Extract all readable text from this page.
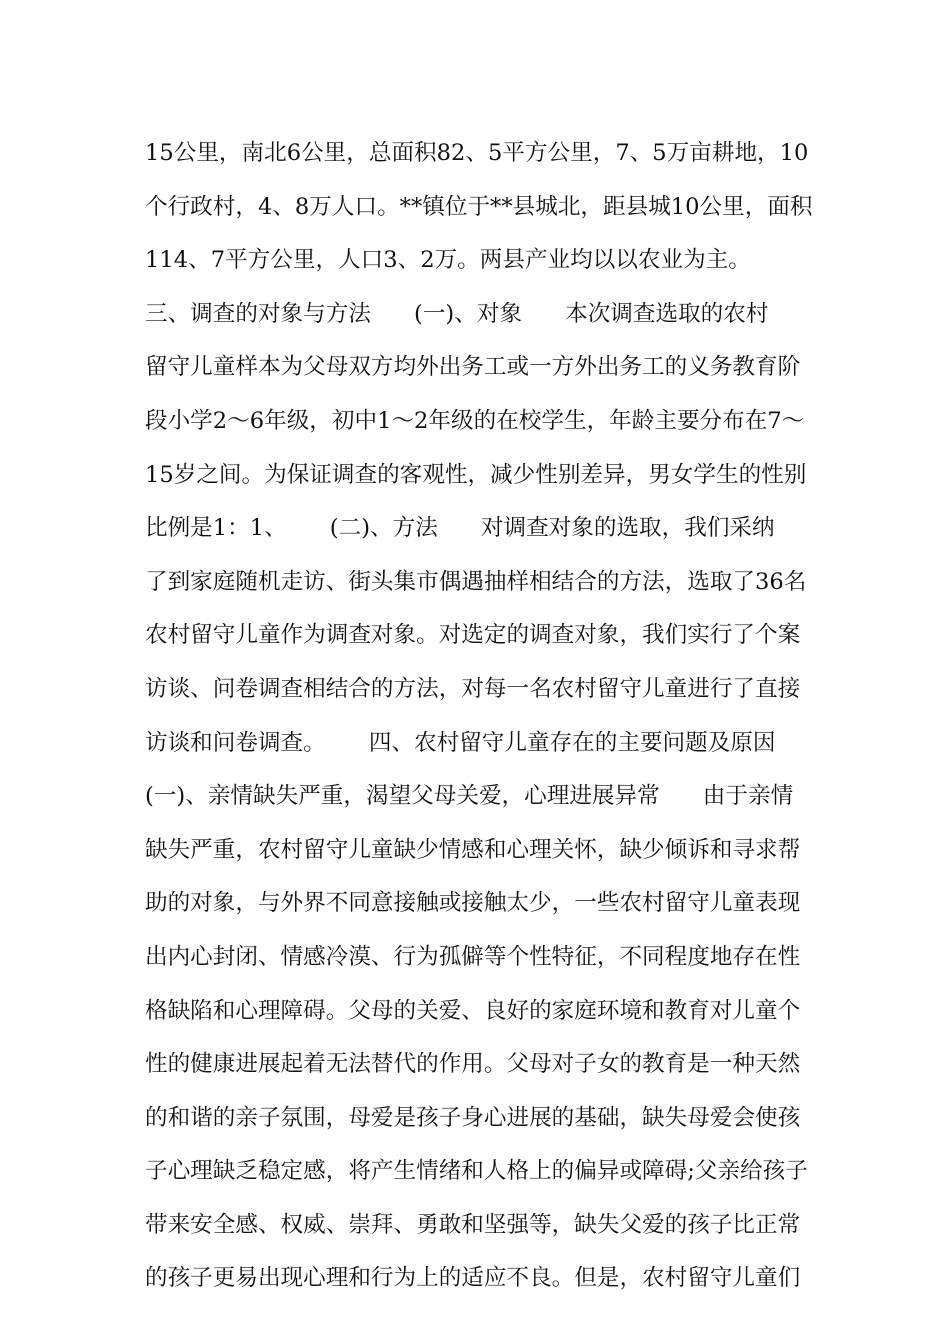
15公里，南北6公里，总面积82、5平方公里，7、5万亩耕地，10
个行政村，4、8万人口。**镇位于**县城北，距县城10公里，面积
114、7平方公里，人口3、2万。两县产业均以以农业为主。
三、调查的对象与方法      (一)、对象      本次调查选取的农村
留守儿童样本为父母双方均外出务工或一方外出务工的义务教育阶
段小学2～6年级，初中1～2年级的在校学生，年龄主要分布在7～
15岁之间。为保证调查的客观性，减少性别差异，男女学生的性别
比例是1：1、      (二)、方法      对调查对象的选取，我们采纳
了到家庭随机走访、街头集市偶遇抽样相结合的方法，选取了36名
农村留守儿童作为调查对象。对选定的调查对象，我们实行了个案
访谈、问卷调查相结合的方法，对每一名农村留守儿童进行了直接
访谈和问卷调查。      四、农村留守儿童存在的主要问题及原因
(一)、亲情缺失严重，渴望父母关爱，心理进展异常      由于亲情
缺失严重，农村留守儿童缺少情感和心理关怀，缺少倾诉和寻求帮
助的对象，与外界不同意接触或接触太少，一些农村留守儿童表现
出内心封闭、情感冷漠、行为孤僻等个性特征，不同程度地存在性
格缺陷和心理障碍。父母的关爱、良好的家庭环境和教育对儿童个
性的健康进展起着无法替代的作用。父母对子女的教育是一种天然
的和谐的亲子氛围，母爱是孩子身心进展的基础，缺失母爱会使孩
子心理缺乏稳定感，将产生情绪和人格上的偏异或障碍;父亲给孩子
带来安全感、权威、崇拜、勇敢和坚强等，缺失父爱的孩子比正常
的孩子更易出现心理和行为上的适应不良。但是，农村留守儿童们
